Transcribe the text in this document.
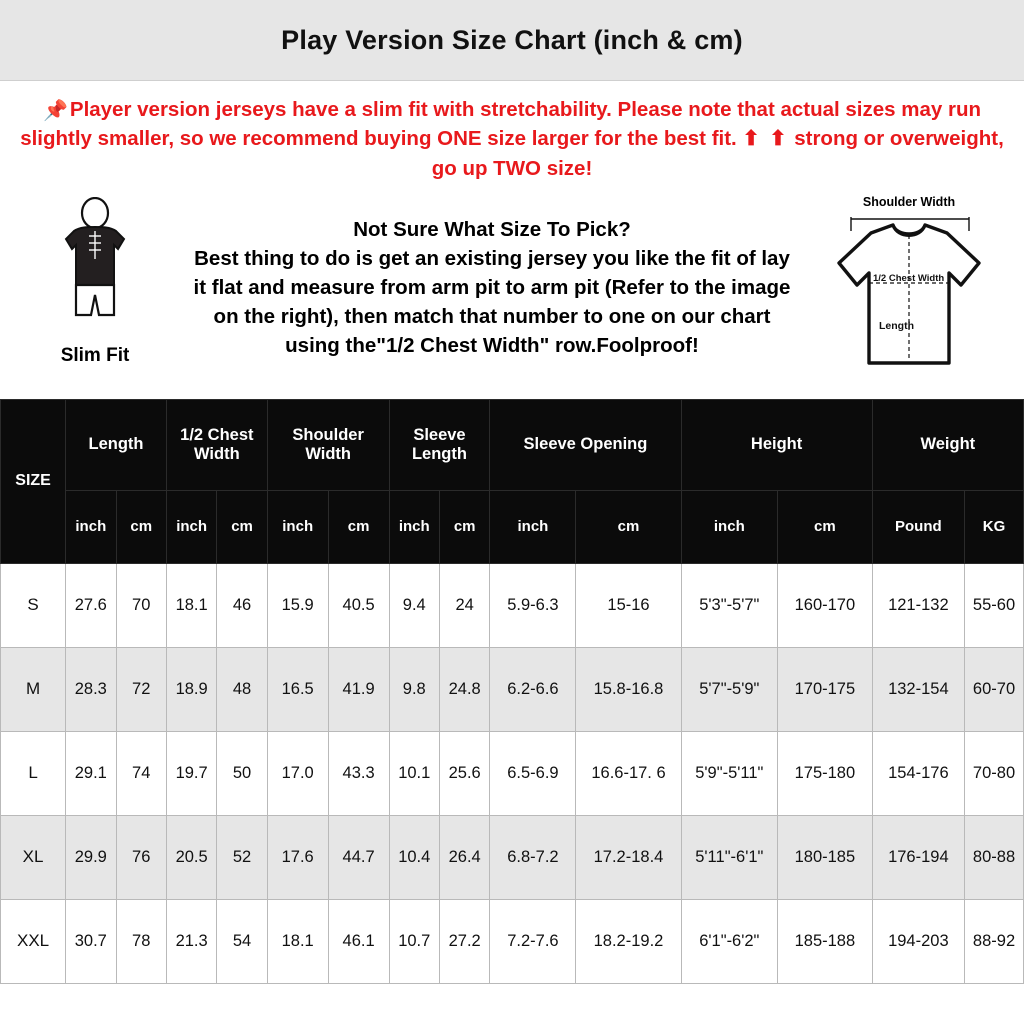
Play Version Size Chart (inch & cm)
📌Player version jerseys have a slim fit with stretchability. Please note that actual sizes may run slightly smaller, so we recommend buying ONE size larger for the best fit. ⬆ ⬆ strong or overweight, go up TWO size!
Slim Fit
Not Sure What Size To Pick?
Best thing to do is get an existing jersey you like the fit of lay it flat and measure from arm pit to arm pit (Refer to the image on the right), then match that number to one on our chart using the"1/2 Chest Width" row.Foolproof!
Shoulder Width
1/2 Chest Width
Length
SIZE	Length		1/2 Chest Width		Shoulder Width		Sleeve Length		Sleeve Opening		Height		Weight	
	inch	cm	inch	cm	inch	cm	inch	cm	inch	cm	inch	cm	Pound	KG
S	27.6	70	18.1	46	15.9	40.5	9.4	24	5.9-6.3	15-16	5'3"-5'7"	160-170	121-132	55-60
M	28.3	72	18.9	48	16.5	41.9	9.8	24.8	6.2-6.6	15.8-16.8	5'7"-5'9"	170-175	132-154	60-70
L	29.1	74	19.7	50	17.0	43.3	10.1	25.6	6.5-6.9	16.6-17. 6	5'9"-5'11"	175-180	154-176	70-80
XL	29.9	76	20.5	52	17.6	44.7	10.4	26.4	6.8-7.2	17.2-18.4	5'11"-6'1"	180-185	176-194	80-88
XXL	30.7	78	21.3	54	18.1	46.1	10.7	27.2	7.2-7.6	18.2-19.2	6'1"-6'2"	185-188	194-203	88-92
